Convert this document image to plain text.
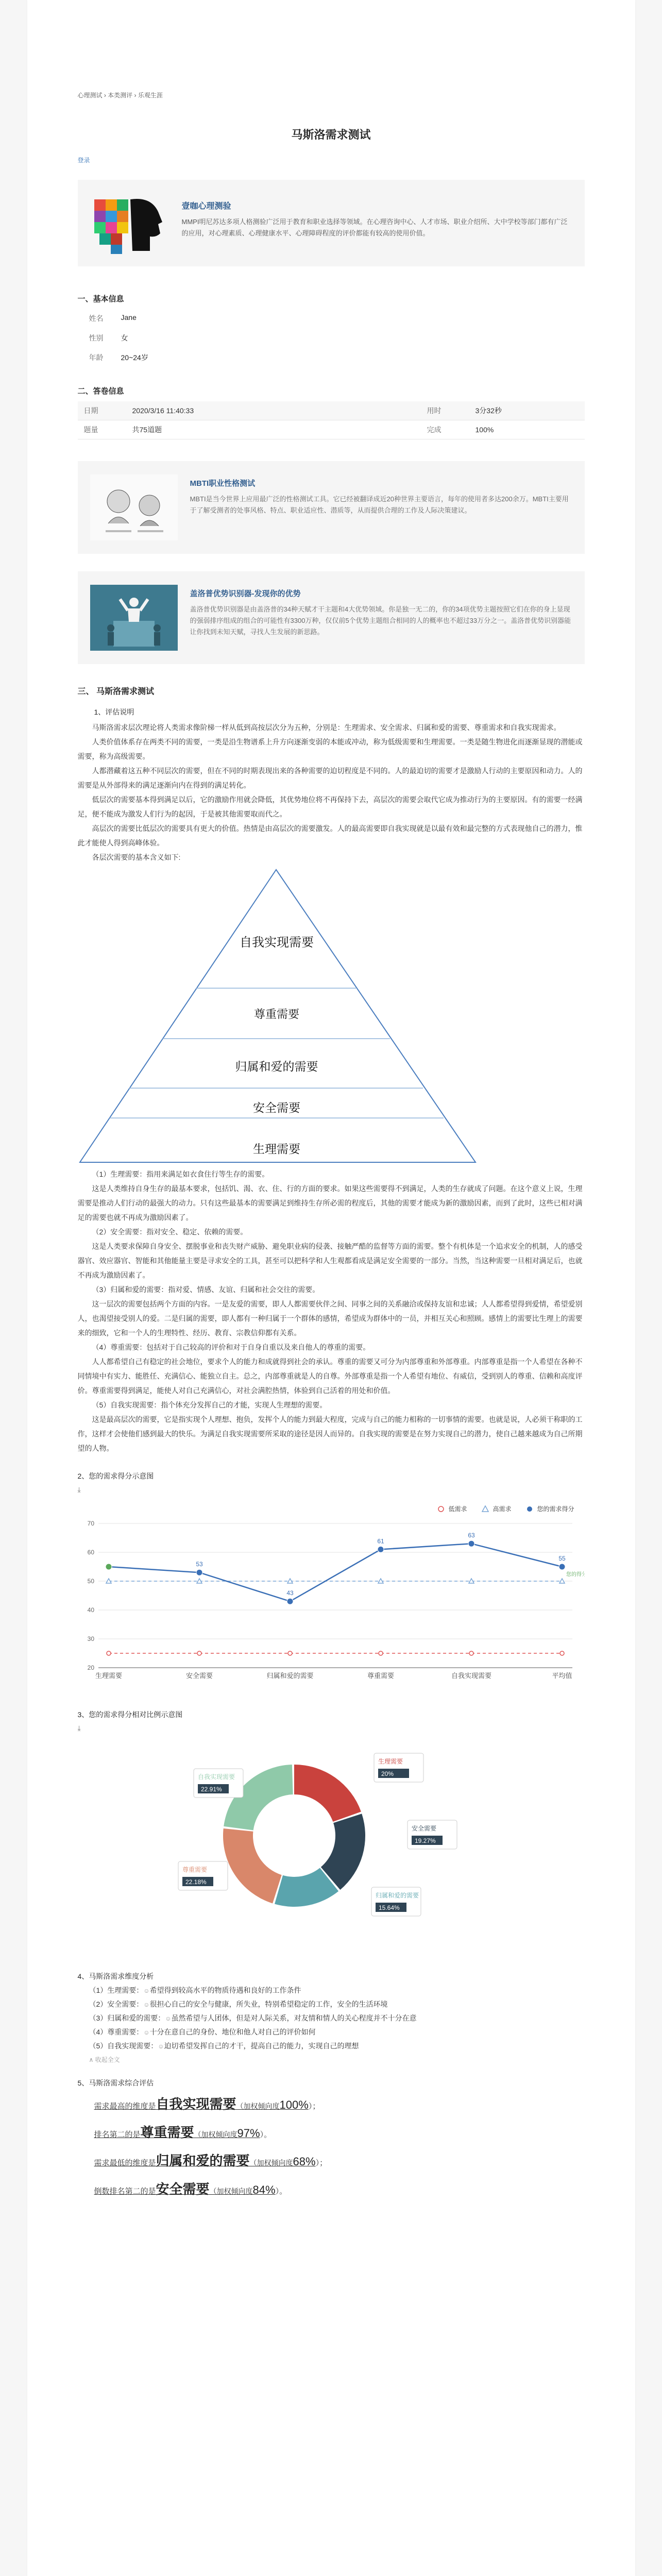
心理测试 › 本类测评 › 乐观生涯
马斯洛需求测试
登录
壹咖心理测验
MMPI明尼苏达多项人格测验广泛用于教育和职业选择等领域。在心理咨询中心、人才市场、职业介绍所、大中学校等部门都有广泛的应用，对心理素质、心理健康水平、心理障碍程度的评价都能有较高的使用价值。
一、基本信息
姓名	Jane
性别	女
年龄	20~24岁
二、答卷信息
日期	2020/3/16 11:40:33	用时	3分32秒
题量	共75道题	完成	100%
MBTI职业性格测试
MBTI是当今世界上应用最广泛的性格测试工具。它已经被翻译成近20种世界主要语言，每年的使用者多达200余万。MBTI主要用于了解受测者的处事风格、特点、职业适应性、潜质等，从而提供合理的工作及人际决策建议。
盖洛普优势识别器-发现你的优势
盖洛普优势识别器是由盖洛普的34种天赋才干主题和4大优势领域。你是独一无二的，你的34项优势主题按照它们在你的身上显现的强弱排序组成的组合的可能性有3300万种，仅仅前5个优势主题组合相同的人的概率也不超过33万分之一。盖洛普优势识别器能让你找到未知天赋，寻找人生发展的新思路。
三、 马斯洛需求测试
1、评估说明

马斯洛需求层次理论将人类需求像阶梯一样从低到高按层次分为五种，分别是：生理需求、安全需求、归属和爱的需要、尊重需求和自我实现需求。

人类价值体系存在两类不同的需要，一类是沿生物谱系上升方向逐渐变弱的本能或冲动，称为低级需要和生理需要。一类是随生物进化而逐渐显现的潜能或需要，称为高级需要。

人都潜藏着这五种不同层次的需要，但在不同的时期表现出来的各种需要的迫切程度是不同的。人的最迫切的需要才是激励人行动的主要原因和动力。人的需要是从外部得来的满足逐渐向内在得到的满足转化。

低层次的需要基本得到满足以后，它的激励作用就会降低，其优势地位将不再保持下去，高层次的需要会取代它成为推动行为的主要原因。有的需要一经满足，便不能成为激发人们行为的起因，于是被其他需要取而代之。

高层次的需要比低层次的需要具有更大的价值。热情是由高层次的需要激发。人的最高需要即自我实现就是以最有效和最完整的方式表现他自己的潜力，惟此才能使人得到高峰体验。

各层次需要的基本含义如下:

自我实现需要
尊重需要
归属和爱的需要
安全需要
生理需要

（1）生理需要：指用来满足如衣食住行等生存的需要。

这是人类维持自身生存的最基本要求，包括饥、渴、衣、住、行的方面的要求。如果这些需要得不到满足，人类的生存就成了问题。在这个意义上说，生理需要是推动人们行动的最强大的动力。只有这些最基本的需要满足到维持生存所必需的程度后，其他的需要才能成为新的激励因素，而到了此时，这些已相对满足的需要也就不再成为激励因素了。

（2）安全需要：指对安全、稳定、依赖的需要。

这是人类要求保障自身安全、摆脱事业和丧失财产威胁、避免职业病的侵袭、接触严酷的监督等方面的需要。整个有机体是一个追求安全的机制，人的感受器官、效应器官、智能和其他能量主要是寻求安全的工具，甚至可以把科学和人生观都看成是满足安全需要的一部分。当然，当这种需要一旦相对满足后，也就不再成为激励因素了。

（3）归属和爱的需要：指对爱、情感、友谊、归属和社会交往的需要。

这一层次的需要包括两个方面的内容。一是友爱的需要，即人人都需要伙伴之间、同事之间的关系融洽或保持友谊和忠诚；人人都希望得到爱情，希望爱别人，也渴望接受别人的爱。二是归属的需要，即人都有一种归属于一个群体的感情，希望成为群体中的一员，并相互关心和照顾。感情上的需要比生理上的需要来的细致，它和一个人的生理特性、经历、教育、宗教信仰都有关系。

（4）尊重需要：包括对于自己较高的评价和对于自身自重以及来自他人的尊重的需要。

人人都希望自己有稳定的社会地位，要求个人的能力和成就得到社会的承认。尊重的需要又可分为内部尊重和外部尊重。内部尊重是指一个人希望在各种不同情境中有实力、能胜任、充满信心、能独立自主。总之，内部尊重就是人的自尊。外部尊重是指一个人希望有地位、有威信，受到别人的尊重、信赖和高度评价。尊重需要得到满足，能使人对自己充满信心，对社会满腔热情，体验到自己活着的用处和价值。

（5）自我实现需要：指个体充分发挥自己的才能，实现人生理想的需要。

这是最高层次的需要，它是指实现个人理想、抱负，发挥个人的能力到最大程度，完成与自己的能力相称的一切事情的需要。也就是说，人必须干称职的工作，这样才会使他们感到最大的快乐。为满足自我实现需要所采取的途径是因人而异的。自我实现的需要是在努力实现自己的潜力，使自己越来越成为自己所期望的人物。

2、您的需求得分示意图
⤓
低需求	高需求	您的需求得分
20
30
40
50
60
70
生理需要	安全需要	归属和爱的需要	尊重需要	自我实现需要	平均值
53
43
61
63
55
您的得分
3、您的需求得分相对比例示意图
⤓
生理需要
20%
安全需要
19.27%
归属和爱的需要
15.64%
尊重需要
22.18%
自我实现需要
22.91%
4、马斯洛需求维度分析
（1）生理需要：☺希望得到较高水平的物质待遇和良好的工作条件
（2）安全需要：☺很担心自己的安全与健康，所失业，特别希望稳定的工作，安全的生活环境
（3）归属和爱的需要：☺虽然希望与人团体，但是对人际关系，对友情和情人的关心程度并不十分在意
（4）尊重需要：☺十分在意自己的身份、地位和他人对自己的评价如何
（5）自我实现需要：☺迫切希望发挥自己的才干，提高自己的能力，实现自己的理想
∧ 收起全文
5、马斯洛需求综合评估
需求最高的维度是自我实现需要（加权倾向度100%）；
排名第二的是尊重需要（加权倾向度97%）。
需求最低的维度是归属和爱的需要（加权倾向度68%）；
倒数排名第二的是安全需要（加权倾向度84%）。
